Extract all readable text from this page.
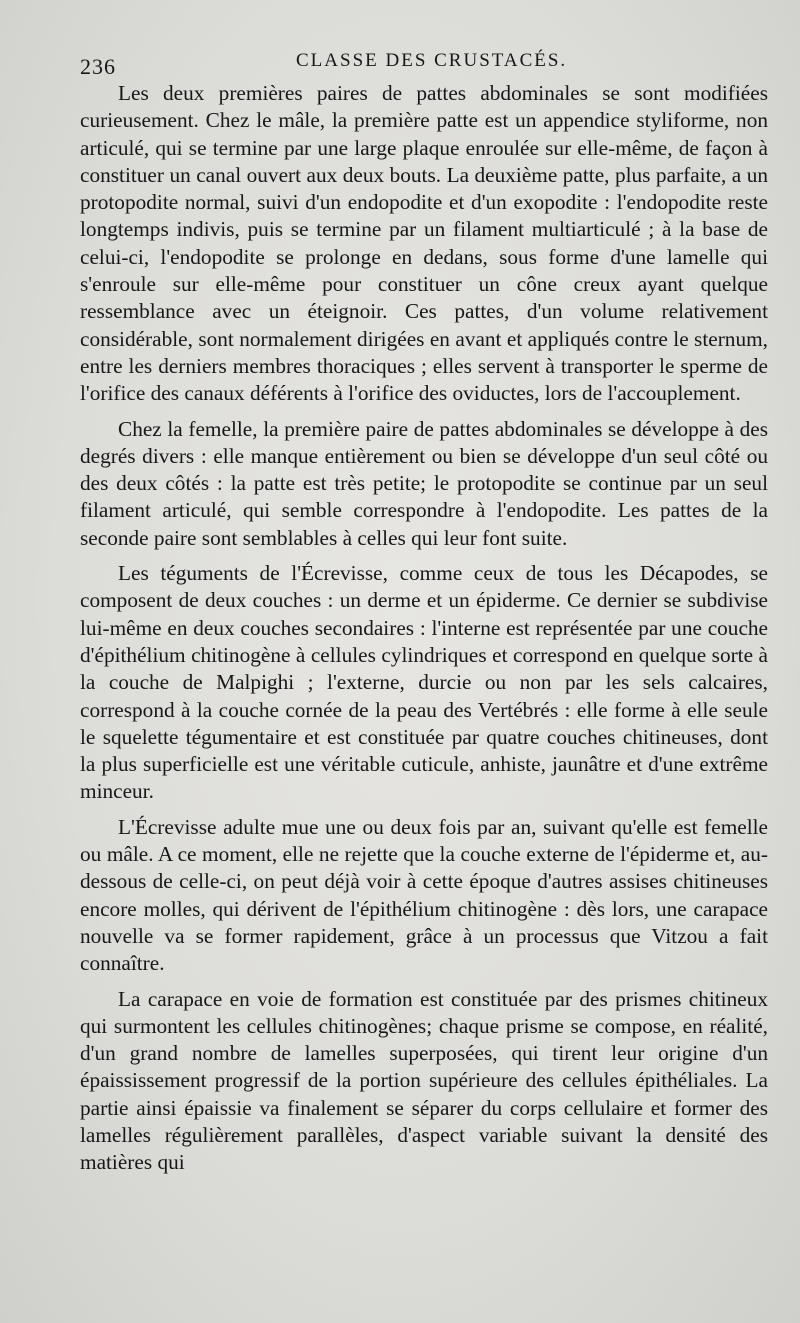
236	CLASSE DES CRUSTACÉS.

Les deux premières paires de pattes abdominales se sont modifiées curieusement. Chez le mâle, la première patte est un appendice styliforme, non articulé, qui se termine par une large plaque enroulée sur elle-même, de façon à constituer un canal ouvert aux deux bouts. La deuxième patte, plus parfaite, a un protopodite normal, suivi d'un endopodite et d'un exopodite : l'endopodite reste longtemps indivis, puis se termine par un filament multiarticulé ; à la base de celui-ci, l'endopodite se prolonge en dedans, sous forme d'une lamelle qui s'enroule sur elle-même pour constituer un cône creux ayant quelque ressemblance avec un éteignoir. Ces pattes, d'un volume relativement considérable, sont normalement dirigées en avant et appliqués contre le sternum, entre les derniers membres thoraciques ; elles servent à transporter le sperme de l'orifice des canaux déférents à l'orifice des oviductes, lors de l'accouplement.

Chez la femelle, la première paire de pattes abdominales se développe à des degrés divers : elle manque entièrement ou bien se développe d'un seul côté ou des deux côtés : la patte est très petite; le protopodite se continue par un seul filament articulé, qui semble correspondre à l'endopodite. Les pattes de la seconde paire sont semblables à celles qui leur font suite.

Les téguments de l'Écrevisse, comme ceux de tous les Décapodes, se composent de deux couches : un derme et un épiderme. Ce dernier se subdivise lui-même en deux couches secondaires : l'interne est représentée par une couche d'épithélium chitinogène à cellules cylindriques et correspond en quelque sorte à la couche de Malpighi ; l'externe, durcie ou non par les sels calcaires, correspond à la couche cornée de la peau des Vertébrés : elle forme à elle seule le squelette tégumentaire et est constituée par quatre couches chitineuses, dont la plus superficielle est une véritable cuticule, anhiste, jaunâtre et d'une extrême minceur.

L'Écrevisse adulte mue une ou deux fois par an, suivant qu'elle est femelle ou mâle. A ce moment, elle ne rejette que la couche externe de l'épiderme et, au-dessous de celle-ci, on peut déjà voir à cette époque d'autres assises chitineuses encore molles, qui dérivent de l'épithélium chitinogène : dès lors, une carapace nouvelle va se former rapidement, grâce à un processus que Vitzou a fait connaître.

La carapace en voie de formation est constituée par des prismes chitineux qui surmontent les cellules chitinogènes; chaque prisme se compose, en réalité, d'un grand nombre de lamelles superposées, qui tirent leur origine d'un épaississement progressif de la portion supérieure des cellules épithéliales. La partie ainsi épaissie va finalement se séparer du corps cellulaire et former des lamelles régulièrement parallèles, d'aspect variable suivant la densité des matières qui
